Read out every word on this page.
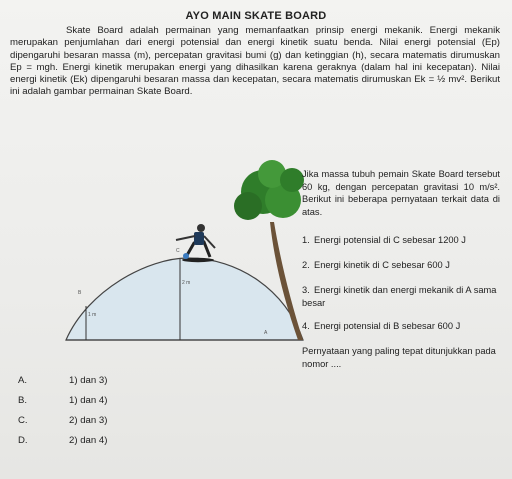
AYO MAIN SKATE BOARD

Skate Board adalah permainan yang memanfaatkan prinsip energi mekanik. Energi mekanik merupakan penjumlahan dari energi potensial dan energi kinetik suatu benda. Nilai energi potensial (Ep) dipengaruhi besaran massa (m), percepatan gravitasi bumi (g) dan ketinggian (h), secara matematis dirumuskan Ep = mgh. Energi kinetik merupakan energi yang dihasilkan karena geraknya (dalam hal ini kecepatan). Nilai energi kinetik (Ek) dipengaruhi besaran massa dan kecepatan, secara matematis dirumuskan Ek = ½ mv². Berikut ini adalah gambar permainan Skate Board.

C
2 m
B
1 m
A

Jika massa tubuh pemain Skate Board tersebut 60 kg, dengan percepatan gravitasi 10 m/s². Berikut ini beberapa pernyataan terkait data di atas.

1. Energi potensial di C sebesar 1200 J
2. Energi kinetik di C sebesar 600 J
3. Energi kinetik dan energi mekanik di A sama besar
4. Energi potensial di B sebesar 600 J
Pernyataan yang paling tepat ditunjukkan pada nomor ....
A.	1) dan 3)
B.	1) dan 4)
C.	2) dan 3)
D.	2) dan 4)
